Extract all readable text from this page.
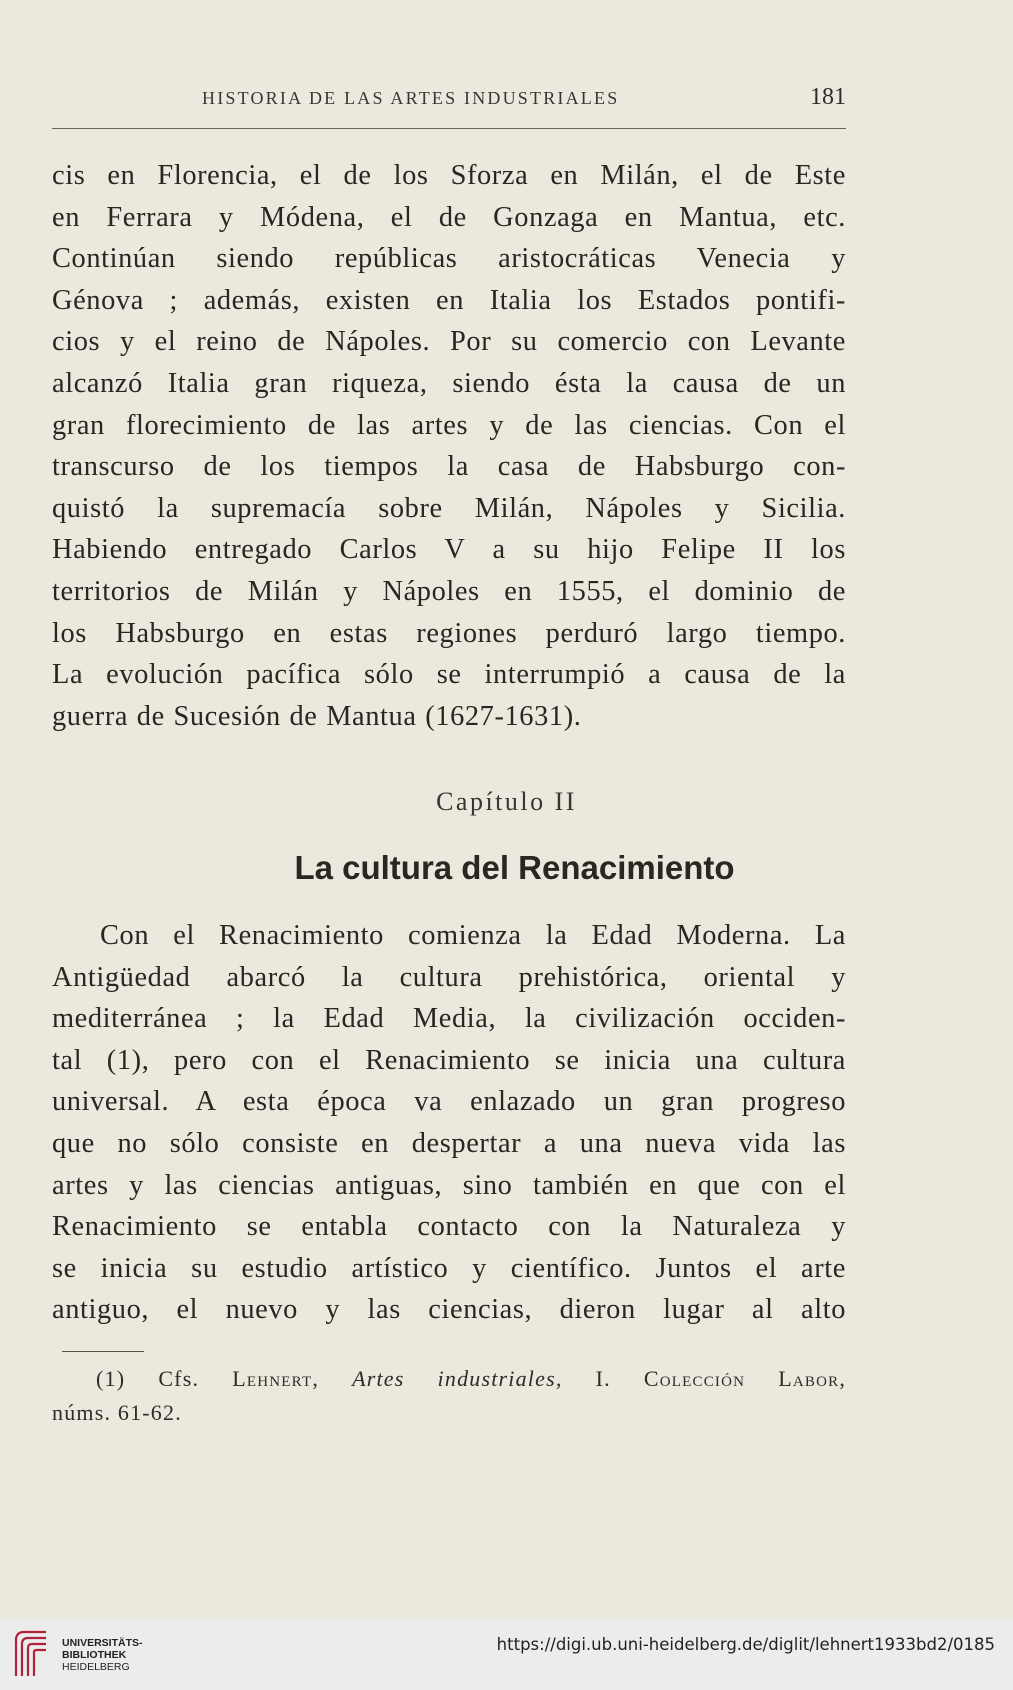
HISTORIA DE LAS ARTES INDUSTRIALES	181
cis en Florencia, el de los Sforza en Milán, el de Este
en Ferrara y Módena, el de Gonzaga en Mantua, etc.
Continúan siendo repúblicas aristocráticas Venecia y
Génova ; además, existen en Italia los Estados pontifi-
cios y el reino de Nápoles. Por su comercio con Levante
alcanzó Italia gran riqueza, siendo ésta la causa de un
gran florecimiento de las artes y de las ciencias. Con el
transcurso de los tiempos la casa de Habsburgo con-
quistó la supremacía sobre Milán, Nápoles y Sicilia.
Habiendo entregado Carlos V a su hijo Felipe II los
territorios de Milán y Nápoles en 1555, el dominio de
los Habsburgo en estas regiones perduró largo tiempo.
La evolución pacífica sólo se interrumpió a causa de la
guerra de Sucesión de Mantua (1627-1631).
Capítulo II
La cultura del Renacimiento
Con el Renacimiento comienza la Edad Moderna. La
Antigüedad abarcó la cultura prehistórica, oriental y
mediterránea ; la Edad Media, la civilización occiden-
tal (1), pero con el Renacimiento se inicia una cultura
universal. A esta época va enlazado un gran progreso
que no sólo consiste en despertar a una nueva vida las
artes y las ciencias antiguas, sino también en que con el
Renacimiento se entabla contacto con la Naturaleza y
se inicia su estudio artístico y científico. Juntos el arte
antiguo, el nuevo y las ciencias, dieron lugar al alto
(1) Cfs. Lehnert, Artes industriales, I. Colección Labor,
núms. 61-62.
UNIVERSITÄTS-
BIBLIOTHEK
HEIDELBERG
https://digi.ub.uni-heidelberg.de/diglit/lehnert1933bd2/0185
